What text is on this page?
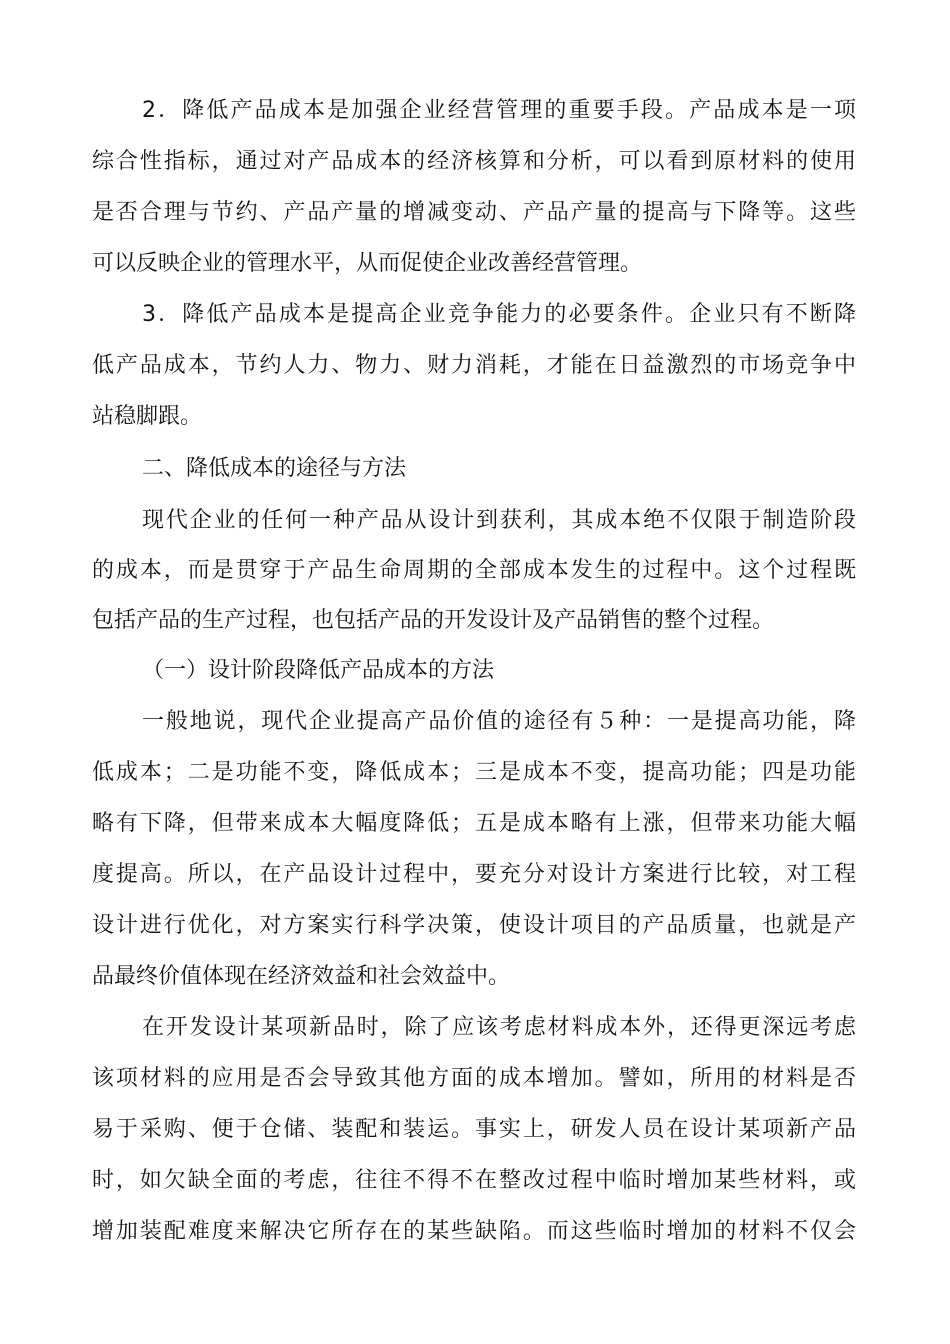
2．降低产品成本是加强企业经营管理的重要手段。产品成本是一项

综合性指标，通过对产品成本的经济核算和分析，可以看到原材料的使用

是否合理与节约、产品产量的增减变动、产品产量的提高与下降等。这些

可以反映企业的管理水平，从而促使企业改善经营管理。

3．降低产品成本是提高企业竞争能力的必要条件。企业只有不断降

低产品成本，节约人力、物力、财力消耗，才能在日益激烈的市场竞争中

站稳脚跟。

二、降低成本的途径与方法

现代企业的任何一种产品从设计到获利，其成本绝不仅限于制造阶段

的成本，而是贯穿于产品生命周期的全部成本发生的过程中。这个过程既

包括产品的生产过程，也包括产品的开发设计及产品销售的整个过程。

（一）设计阶段降低产品成本的方法

一般地说，现代企业提高产品价值的途径有５种：一是提高功能，降

低成本；二是功能不变，降低成本；三是成本不变，提高功能；四是功能

略有下降，但带来成本大幅度降低；五是成本略有上涨，但带来功能大幅

度提高。所以，在产品设计过程中，要充分对设计方案进行比较，对工程

设计进行优化，对方案实行科学决策，使设计项目的产品质量，也就是产

品最终价值体现在经济效益和社会效益中。

在开发设计某项新品时，除了应该考虑材料成本外，还得更深远考虑

该项材料的应用是否会导致其他方面的成本增加。譬如，所用的材料是否

易于采购、便于仓储、装配和装运。事实上，研发人员在设计某项新产品

时，如欠缺全面的考虑，往往不得不在整改过程中临时增加某些材料，或

增加装配难度来解决它所存在的某些缺陷。而这些临时增加的材料不仅会
